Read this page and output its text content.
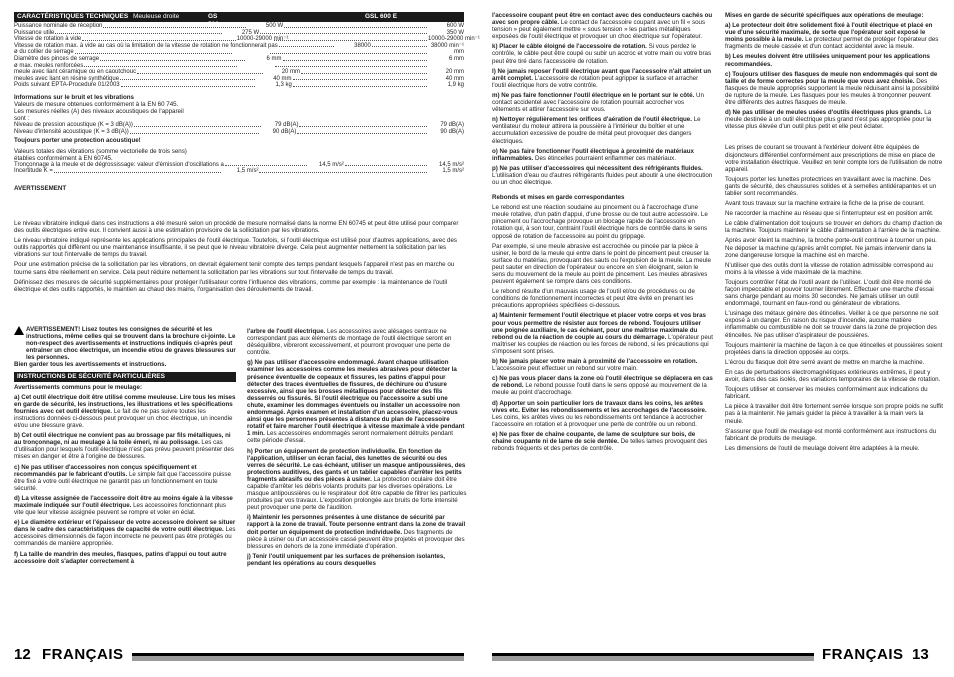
CARACTÉRISTIQUES TECHNIQUES Meuleuse droite	GS 500 E
Puissance nominale de réception	500 W	600 W
Puissance utile	275 W	350 W
Vitesse de rotation à vide	10000-29000 min⁻¹	10000-29000 min⁻¹
Vitesse de rotation max. à vide au cas où la limitation de la vitesse de rotation ne fonctionnerait pas	38000	38000 min⁻¹
ø du collier de serrage	mm
Diamètre des pinces de serrage	6 mm	6 mm
ø max. meules renforcées
meule avec liant céramique ou en caoutchouc	20 mm	20 mm
meules avec liant en résine synthétique	40 mm	40 mm
Poids suivant EPTA-Procedure 01/2003	1,3 kg	1,9 kg

Informations sur le bruit et les vibrations

Valeurs de mesure obtenues conformément à la EN 60 745.
Les mesures réelles (A) des niveaux acoustiques de l'appareil
sont :
Niveau de pression acoustique (K = 3 dB(A))	79 dB(A)	79 dB(A)
Niveau d'intensité acoustique (K = 3 dB(A))	90 dB(A)	90 dB(A)

Toujours porter une protection acoustique!

Valeurs totales des vibrations (somme vectorielle de trois sens)
établies conformément à EN 60745.
Tronçonnage à la meule et de dégrossissage: valeur d'émission d'oscillations a	14,5 m/s²	14,5 m/s²
Incertitude K =	1,5 m/s²	1,5 m/s²

AVERTISSEMENT

GSL 600 E

Le niveau vibratoire indiqué dans ces instructions a été mesuré selon un procédé de mesure normalisé dans la norme EN 60745 et peut être utilisé pour comparer des outils électriques entre eux. Il convient aussi à une estimation provisoire de la sollicitation par les vibrations.

Le niveau vibratoire indiqué représente les applications principales de l'outil électrique. Toutefois, si l'outil électrique est utilisé pour d'autres applications, avec des outils rapportés qui diffèrent ou une maintenance insuffisante, il se peut que le niveau vibratoire diverge. Cela peut augmenter nettement la sollicitation par les vibrations sur tout l'intervalle de temps du travail.

Pour une estimation précise de la sollicitation par les vibrations, on devrait également tenir compte des temps pendant lesquels l'appareil n'est pas en marche ou tourne sans être réellement en service. Cela peut réduire nettement la sollicitation par les vibrations sur tout l'intervalle de temps du travail.

Définissez des mesures de sécurité supplémentaires pour protéger l'utilisateur contre l'influence des vibrations, comme par exemple : la maintenance de l'outil électrique et des outils rapportés, le maintien au chaud des mains, l'organisation des déroulements de travail.

AVERTISSEMENT! Lisez toutes les consignes de sécurité et les instructions, même celles qui se trouvent dans la brochure ci-jointe. Le non-respect des avertissements et instructions indiqués ci-après peut entraîner un choc électrique, un incendie et/ou de graves blessures sur les personnes.

Bien garder tous les avertissements et instructions.

INSTRUCTIONS DE SÉCURITÉ PARTICULIÈRES

Avertissements communs pour le meulage:

a) Cet outil électrique doit être utilisé comme meuleuse. Lire tous les mises en garde de sécurité, les instructions, les illustrations et les spécifications fournies avec cet outil électrique. Le fait de ne pas suivre toutes les instructions données ci-dessous peut provoquer un choc électrique, un incendie et/ou une blessure grave.

b) Cet outil électrique ne convient pas au brossage par fils métalliques, ni au tronçonnage, ni au meulage à la toile émeri, ni au polissage. Les cas d'utilisation pour lesquels l'outil électrique n'est pas prévu peuvent présenter des mises en danger et être à l'origine de blessures.

c) Ne pas utiliser d'accessoires non conçus spécifiquement et recommandés par le fabricant d'outils. Le simple fait que l'accessoire puisse être fixé à votre outil électrique ne garantit pas un fonctionnement en toute sécurité.

d) La vitesse assignée de l'accessoire doit être au moins égale à la vitesse maximale indiquée sur l'outil électrique. Les accessoires fonctionnant plus vite que leur vitesse assignée peuvent se rompre et voler en éclat.

e) Le diamètre extérieur et l'épaisseur de votre accessoire doivent se situer dans le cadre des caractéristiques de capacité de votre outil électrique. Les accessoires dimensionnés de façon incorrecte ne peuvent pas être protégés ou commandés de manière appropriée.

f) La taille de mandrin des meules, flasques, patins d'appui ou tout autre accessoire doit s'adapter correctement à

l'arbre de l'outil électrique. Les accessoires avec alésages centraux ne correspondant pas aux éléments de montage de l'outil électrique seront en déséquilibre, vibreront excessivement, et pourront provoquer une perte de contrôle.

g) Ne pas utiliser d'accessoire endommagé. Avant chaque utilisation examiner les accessoires comme les meules abrasives pour détecter la présence éventuelle de copeaux et fissures, les patins d'appui pour détecter des traces éventuelles de fissures, de déchirure ou d'usure excessive, ainsi que les brosses métalliques pour détecter des fils desserrés ou fissurés. Si l'outil électrique ou l'accessoire a subi une chute, examiner les dommages éventuels ou installer un accessoire non endommagé. Après examen et installation d'un accessoire, placez-vous ainsi que les personnes présentes à distance du plan de l'accessoire rotatif et faire marcher l'outil électrique à vitesse maximale à vide pendant 1 min. Les accessoires endommagés seront normalement détruits pendant cette période d'essai.

h) Porter un équipement de protection individuelle. En fonction de l'application, utiliser un écran facial, des lunettes de sécurité ou des verres de sécurité. Le cas échéant, utiliser un masque antipoussières, des protections auditives, des gants et un tablier capables d'arrêter les petits fragments abrasifs ou des pièces à usiner. La protection oculaire doit être capable d'arrêter les débris volants produits par les diverses opérations. Le masque antipoussières ou le respirateur doit être capable de filtrer les particules produites par vos travaux. L'exposition prolongée aux bruits de forte intensité peut provoquer une perte de l'audition.

i) Maintenir les personnes présentes à une distance de sécurité par rapport à la zone de travail. Toute personne entrant dans la zone de travail doit porter un équipement de protection individuelle. Des fragments de pièce à usiner ou d'un accessoire cassé peuvent être projetés et provoquer des blessures en dehors de la zone immédiate d'opération.

j) Tenir l'outil uniquement par les surfaces de préhension isolantes, pendant les opérations au cours desquelles

l'accessoire coupant peut être en contact avec des conducteurs cachés ou avec son propre câble. Le contact de l'accessoire coupant avec un fil « sous tension » peut également mettre « sous tension » les parties métalliques exposées de l'outil électrique et provoquer un choc électrique sur l'opérateur.

k) Placer le câble éloigné de l'accessoire de rotation. Si vous perdez le contrôle, le câble peut être coupé ou subir un accroc et votre main ou votre bras peut être tiré dans l'accessoire de rotation.

l) Ne jamais reposer l'outil électrique avant que l'accessoire n'ait atteint un arrêt complet. L'accessoire de rotation peut agripper la surface et arracher l'outil électrique hors de votre contrôle.

m) Ne pas faire fonctionner l'outil électrique en le portant sur le côté. Un contact accidentel avec l'accessoire de rotation pourrait accrocher vos vêtements et attirer l'accessoire sur vous.

n) Nettoyer régulièrement les orifices d'aération de l'outil électrique. Le ventilateur du moteur attirera la poussière à l'intérieur du boîtier et une accumulation excessive de poudre de métal peut provoquer des dangers électriques.

o) Ne pas faire fonctionner l'outil électrique à proximité de matériaux inflammables. Des étincelles pourraient enflammer ces matériaux.

p) Ne pas utiliser d'accessoires qui nécessitent des réfrigérants fluides. L'utilisation d'eau ou d'autres réfrigérants fluides peut aboutir à une électrocution ou un choc électrique.

Rebonds et mises en garde correspondantes

Le rebond est une réaction soudaine au pincement ou à l'accrochage d'une meule rotative, d'un patin d'appui, d'une brosse ou de tout autre accessoire. Le pincement ou l'accrochage provoque un blocage rapide de l'accessoire en rotation qui, à son tour, contraint l'outil électrique hors de contrôle dans le sens opposé de rotation de l'accessoire au point du grippage.

Par exemple, si une meule abrasive est accrochée ou pincée par la pièce à usiner, le bord de la meule qui entre dans le point de pincement peut creuser la surface du matériau, provoquant des sauts ou l'expulsion de la meule. La meule peut sauter en direction de l'opérateur ou encore en s'en éloignant, selon le sens du mouvement de la meule au point de pincement. Les meules abrasives peuvent également se rompre dans ces conditions.

Le rebond résulte d'un mauvais usage de l'outil et/ou de procédures ou de conditions de fonctionnement incorrectes et peut être évité en prenant les précautions appropriées spécifiées ci-dessous.

a) Maintenir fermement l'outil électrique et placer votre corps et vos bras pour vous permettre de résister aux forces de rebond. Toujours utiliser une poignée auxiliaire, le cas échéant, pour une maîtrise maximale du rebond ou de la réaction de couple au cours du démarrage. L'opérateur peut maîtriser les couples de réaction ou les forces de rebond, si les précautions qui s'imposent sont prises.

b) Ne jamais placer votre main à proximité de l'accessoire en rotation. L'accessoire peut effectuer un rebond sur votre main.

c) Ne pas vous placer dans la zone où l'outil électrique se déplacera en cas de rebond. Le rebond pousse l'outil dans le sens opposé au mouvement de la meule au point d'accrochage.

d) Apporter un soin particulier lors de travaux dans les coins, les arêtes vives etc. Eviter les rebondissements et les accrochages de l'accessoire. Les coins, les arêtes vives ou les rebondissements ont tendance à accrocher l'accessoire en rotation et à provoquer une perte de contrôle ou un rebond.

e) Ne pas fixer de chaîne coupante, de lame de sculpture sur bois, de chaîne coupante ni de lame de scie dentée. De telles lames provoquent des rebonds fréquents et des pertes de contrôle.

Mises en garde de sécurité spécifiques aux opérations de meulage:

a) Le protecteur doit être solidement fixé à l'outil électrique et placé en vue d'une sécurité maximale, de sorte que l'opérateur soit exposé le moins possible à la meule. Le protecteur permet de protéger l'opérateur des fragments de meule cassée et d'un contact accidentel avec la meule.

b) Les meules doivent être utilisées uniquement pour les applications recommandées.

c) Toujours utiliser des flasques de meule non endommagés qui sont de taille et de forme correctes pour la meule que vous avez choisie. Des flasques de meule appropriés supportent la meule réduisant ainsi la possibilité de rupture de la meule. Les flasques pour les meules à tronçonner peuvent être différents des autres flasques de meule.

d) Ne pas utiliser de meules usées d'outils électriques plus grands. La meule destinée à un outil électrique plus grand n'est pas appropriée pour la vitesse plus élevée d'un outil plus petit et elle peut éclater.

Les prises de courant se trouvant à l'extérieur doivent être équipées de disjoncteurs différentiel conformément aux prescriptions de mise en place de votre installation électrique. Veuillez en tenir compte lors de l'utilisation de notre appareil.

Toujours porter les lunettes protectrices en travaillant avec la machine. Des gants de sécurité, des chaussures solides et à semelles antidérapantes et un tablier sont recommandés.

Avant tous travaux sur la machine extraire la fiche de la prise de courant.

Ne raccorder la machine au réseau que si l'interrupteur est en position arrêt.

Le câble d'alimentation doit toujours se trouver en dehors du champ d'action de la machine. Toujours maintenir le câble d'alimentation à l'arrière de la machine.

Après avoir éteint la machine, la broche porte-outil continue à tourner un peu. Ne déposer la machine qu'après arrêt complet. Ne jamais intervenir dans la zone dangereuse lorsque la machine est en marche.

N'utiliser que des outils dont la vitesse de rotation admissible correspond au moins à la vitesse à vide maximale de la machine.

Toujours contrôler l'état de l'outil avant de l'utiliser. L'outil doit être monté de façon impeccable et pouvoir tourner librement. Effectuer une marche d'essai sans charge pendant au moins 30 secondes. Ne jamais utiliser un outil endommagé, tournant en faux-rond ou générateur de vibrations.

L'usinage des métaux génère des étincelles. Veiller à ce que personne ne soit exposé à un danger. En raison du risque d'incendie, aucune matière inflammable ou combustible ne doit se trouver dans la zone de projection des étincelles. Ne pas utiliser d'aspirateur de poussières.

Toujours maintenir la machine de façon à ce que étincelles et poussières soient projetées dans la direction opposée au corps.

L'écrou du flasque doit être serré avant de mettre en marche la machine.

En cas de perturbations électromagnétiques extérieures extrêmes, il peut y avoir, dans des cas isolés, des variations temporaires de la vitesse de rotation.

Toujours utiliser et conserver les meules conformément aux indications du fabricant.

La pièce à travailler doit être fortement serrée lorsque son propre poids ne suffit pas à la maintenir. Ne jamais guider la pièce à travailler à la main vers la meule.

S'assurer que l'outil de meulage est monté conformément aux instructions du fabricant de produits de meulage.

Les dimensions de l'outil de meulage doivent être adaptées à la meule.

12 FRANÇAIS	FRANÇAIS 13
